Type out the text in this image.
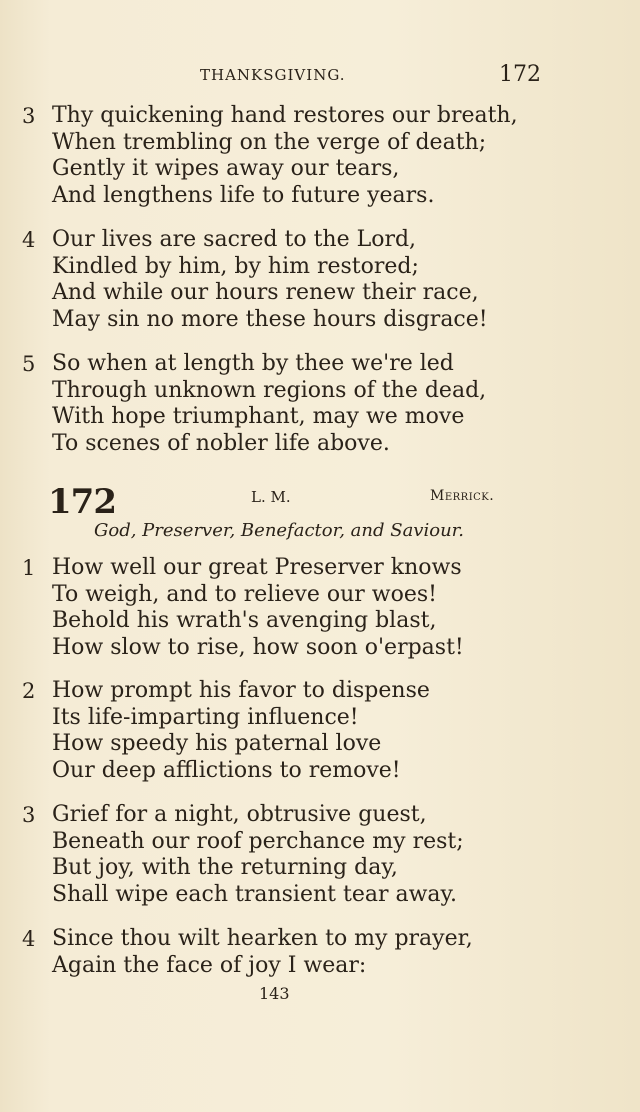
THANKSGIVING.	172
3 Thy quickening hand restores our breath,
When trembling on the verge of death;
Gently it wipes away our tears,
And lengthens life to future years.
4 Our lives are sacred to the Lord,
Kindled by him, by him restored;
And while our hours renew their race,
May sin no more these hours disgrace!
5 So when at length by thee we're led
Through unknown regions of the dead,
With hope triumphant, may we move
To scenes of nobler life above.
172	L. M.	Merrick.
God, Preserver, Benefactor, and Saviour.
1 How well our great Preserver knows
To weigh, and to relieve our woes!
Behold his wrath's avenging blast,
How slow to rise, how soon o'erpast!
2 How prompt his favor to dispense
Its life-imparting influence!
How speedy his paternal love
Our deep afflictions to remove!
3 Grief for a night, obtrusive guest,
Beneath our roof perchance my rest;
But joy, with the returning day,
Shall wipe each transient tear away.
4 Since thou wilt hearken to my prayer,
Again the face of joy I wear:
143
